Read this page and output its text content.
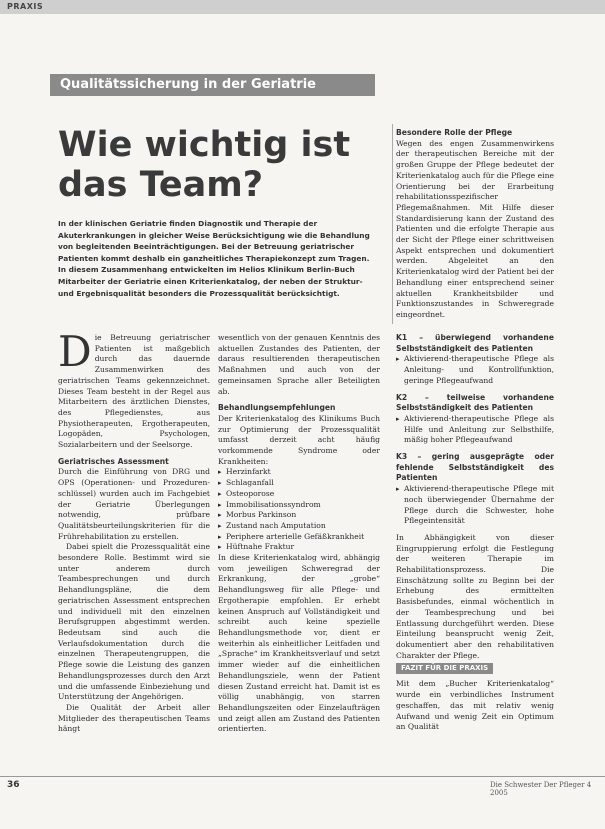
PRAXIS
Qualitätssicherung in der Geriatrie
Wie wichtig ist das Team?
In der klinischen Geriatrie finden Diagnostik und Therapie der Akuterkrankungen in gleicher Weise Berücksichtigung wie die Behandlung von begleitenden Beeinträchtigungen. Bei der Betreuung geriatrischer Patienten kommt deshalb ein ganzheitliches Therapiekonzept zum Tragen. In diesem Zusammenhang entwickelten im Helios Klinikum Berlin-Buch Mitarbeiter der Geriatrie einen Kriterienkatalog, der neben der Struktur- und Ergebnisqualität besonders die Prozessqualität berücksichtigt.
Besondere Rolle der Pflege

Wegen des engen Zusammenwirkens der therapeutischen Bereiche mit der großen Gruppe der Pflege bedeutet der Kriterienkatalog auch für die Pflege eine Orientierung bei der Erarbeitung rehabilitationsspezifischer Pflegemaßnahmen. Mit Hilfe dieser Standardisierung kann der Zustand des Patienten und die erfolgte Therapie aus der Sicht der Pflege einer schrittweisen Aspekt entsprechen und dokumentiert werden. Abgeleitet an den Kriterienkatalog wird der Patient bei der Behandlung einer entsprechend seiner aktuellen Krankheitsbilder und Funktionszustandes in Schweregrade eingeordnet.

Die Betreuung geriatrischer Patienten ist maßgeblich durch das dauernde Zusammenwirken des geriatrischen Teams gekennzeichnet. Dieses Team besteht in der Regel aus Mitarbeitern des ärztlichen Dienstes, des Pflegedienstes, aus Physiotherapeuten, Ergotherapeuten, Logopäden, Psychologen, Sozialarbeitern und der Seelsorge.

Geriatrisches Assessment

Durch die Einführung von DRG und OPS (Operationen- und Prozeduren-schlüssel) wurden auch im Fachgebiet der Geriatrie Überlegungen notwendig, prüfbare Qualitätsbeurteilungskriterien für die Frührehabilitation zu erstellen.

Dabei spielt die Prozessqualität eine besondere Rolle. Bestimmt wird sie unter anderem durch Teambesprechungen und durch Behandlungspläne, die dem geriatrischen Assessment entsprechen und individuell mit den einzelnen Berufsgruppen abgestimmt werden. Bedeutsam sind auch die Verlaufsdokumentation durch die einzelnen Therapeutengruppen, die Pflege sowie die Leistung des ganzen Behandlungsprozesses durch den Arzt und die umfassende Einbeziehung und Unterstützung der Angehörigen.

Die Qualität der Arbeit aller Mitglieder des therapeutischen Teams hängt

wesentlich von der genauen Kenntnis des aktuellen Zustandes des Patienten, der daraus resultierenden therapeutischen Maßnahmen und auch von der gemeinsamen Sprache aller Beteiligten ab.

Behandlungsempfehlungen

Der Kriterienkatalog des Klinikums Buch zur Optimierung der Prozessqualität umfasst derzeit acht häufig vorkommende Syndrome oder Krankheiten:

▸ Herzinfarkt
▸ Schlaganfall
▸ Osteoporose
▸ Immobilisationssyndrom
▸ Morbus Parkinson
▸ Zustand nach Amputation
▸ Periphere arterielle Gefäßkrankheit
▸ Hüftnahe Fraktur

In diese Kriterienkatalog wird, abhängig vom jeweiligen Schweregrad der Erkrankung, der „grobe“ Behandlungsweg für alle Pflege- und Ergotherapie empfohlen. Er erhebt keinen Anspruch auf Vollständigkeit und schreibt auch keine spezielle Behandlungsmethode vor, dient er weiterhin als einheitlicher Leitfaden und „Sprache“ im Krankheitsverlauf und setzt immer wieder auf die einheitlichen Behandlungsziele, wenn der Patient diesen Zustand erreicht hat. Damit ist es völlig unabhängig, von starren Behandlungszeiten oder Einzelaufträgen und zeigt allen am Zustand des Patienten orientierten.

K1 – überwiegend vorhandene Selbstständigkeit des Patienten

▸ Aktivierend-therapeutische Pflege als Anleitung- und Kontrollfunktion, geringe Pflegeaufwand

K2 – teilweise vorhandene Selbstständigkeit des Patienten

▸ Aktivierend-therapeutische Pflege als Hilfe und Anleitung zur Selbsthilfe, mäßig hoher Pflegeaufwand

K3 – gering ausgeprägte oder fehlende Selbstständigkeit des Patienten

▸ Aktivierend-therapeutische Pflege mit noch überwiegender Übernahme der Pflege durch die Schwester, hohe Pflegeintensität

In Abhängigkeit von dieser Eingruppierung erfolgt die Festlegung der weiteren Therapie im Rehabilitationsprozess. Die Einschätzung sollte zu Beginn bei der Erhebung des ermittelten Basisbefundes, einmal wöchentlich in der Teambesprechung und bei Entlassung durchgeführt werden. Diese Einteilung beansprucht wenig Zeit, dokumentiert aber den rehabilitativen Charakter der Pflege.

FAZIT FÜR DIE PRAXIS

Mit dem „Bucher Kriterienkatalog“ wurde ein verbindliches Instrument geschaffen, das mit relativ wenig Aufwand und wenig Zeit ein Optimum an Qualität

36	Die Schwester Der Pfleger 4 2005
